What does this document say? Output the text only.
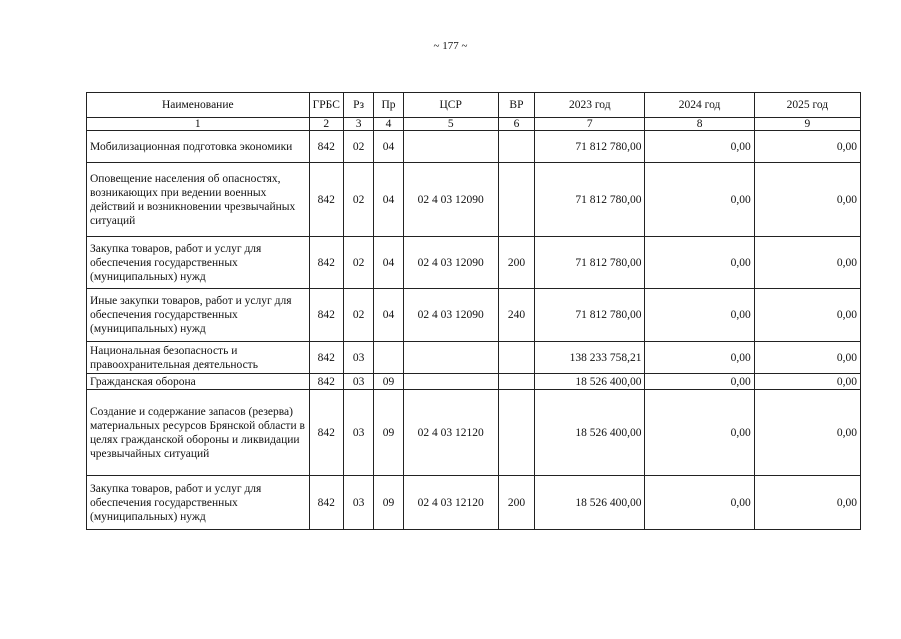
~ 177 ~
Наименование	ГРБС	Рз	Пр	ЦСР	ВР	2023 год	2024 год	2025 год
1	2	3	4	5	6	7	8	9
Мобилизационная подготовка экономики	842	02	04			71 812 780,00	0,00	0,00
Оповещение населения об опасностях, возникающих при ведении военных действий и возникновении чрезвычайных ситуаций	842	02	04	02 4 03 12090		71 812 780,00	0,00	0,00
Закупка товаров, работ и услуг для обеспечения государственных (муниципальных) нужд	842	02	04	02 4 03 12090	200	71 812 780,00	0,00	0,00
Иные закупки товаров, работ и услуг для обеспечения государственных (муниципальных) нужд	842	02	04	02 4 03 12090	240	71 812 780,00	0,00	0,00
Национальная безопасность и правоохранительная деятельность	842	03				138 233 758,21	0,00	0,00
Гражданская оборона	842	03	09			18 526 400,00	0,00	0,00
Создание и содержание запасов (резерва) материальных ресурсов Брянской области в целях гражданской обороны и ликвидации чрезвычайных ситуаций	842	03	09	02 4 03 12120		18 526 400,00	0,00	0,00
Закупка товаров, работ и услуг для обеспечения государственных (муниципальных) нужд	842	03	09	02 4 03 12120	200	18 526 400,00	0,00	0,00
